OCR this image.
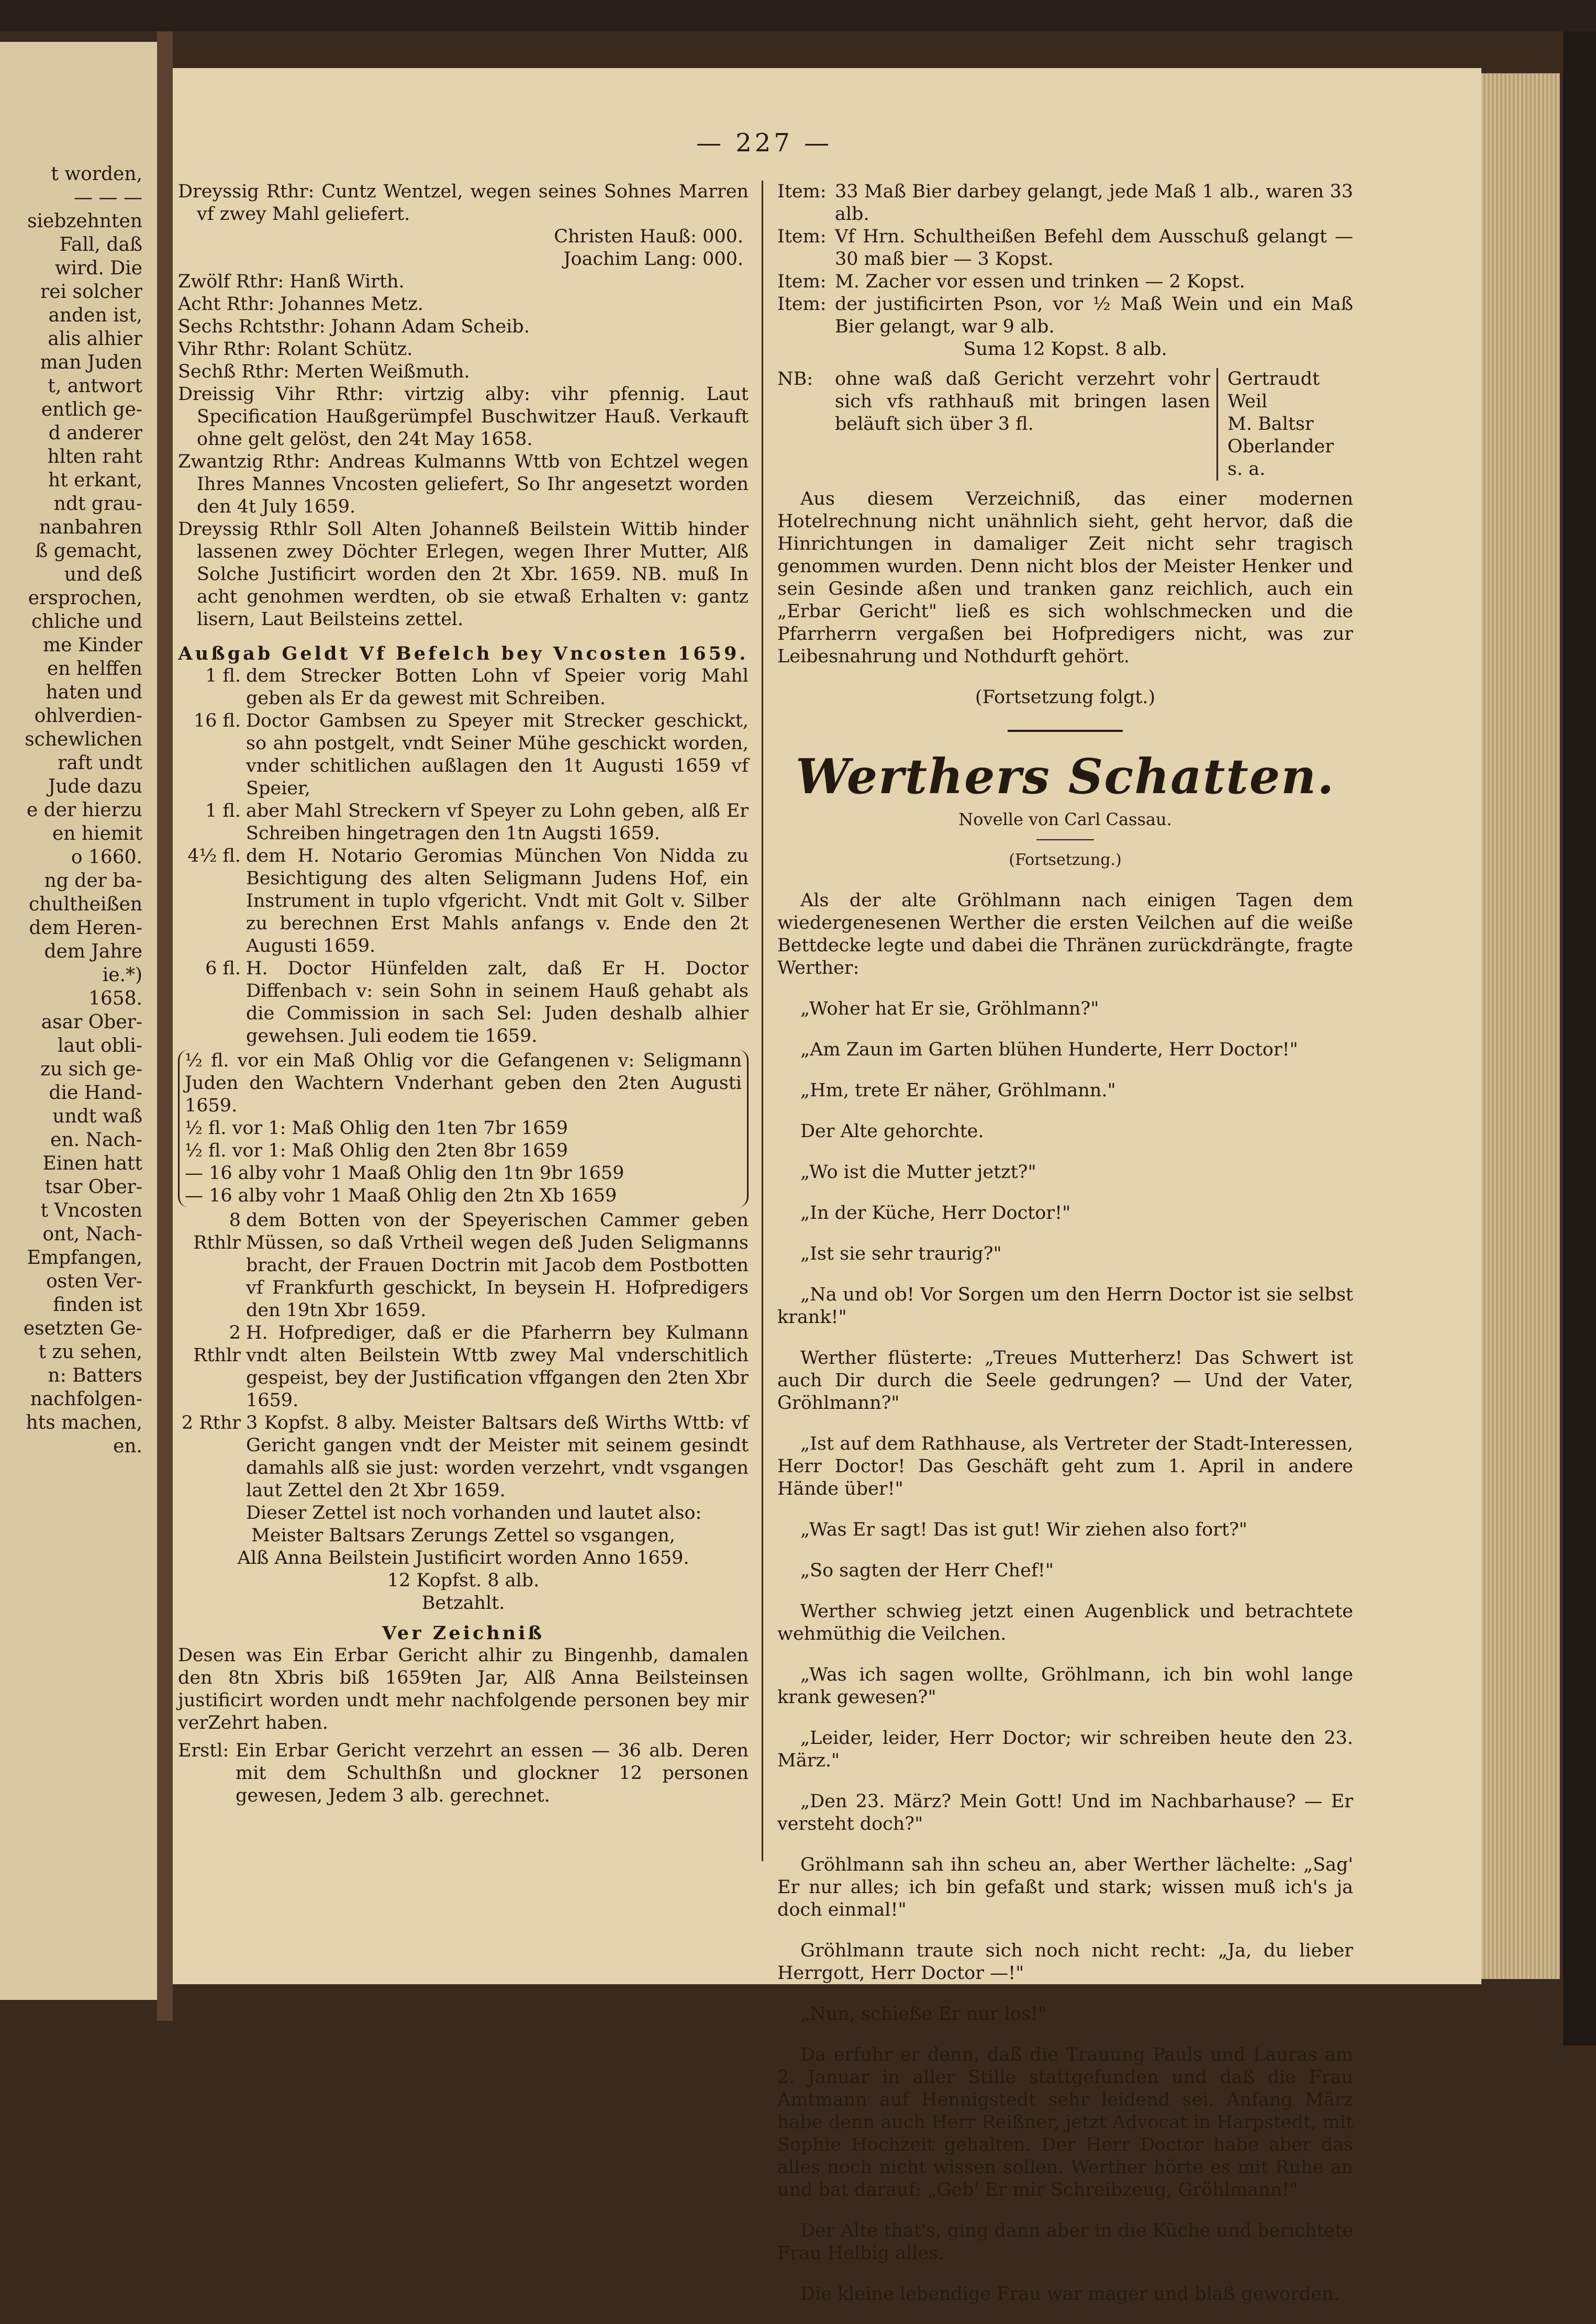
t worden,
— — —
siebzehnten
Fall, daß
wird. Die
rei solcher
anden ist,
alis alhier
man Juden
t, antwort
entlich ge-
d anderer
hlten raht
ht erkant,
ndt grau-
nanbahren
ß gemacht,
und deß
ersprochen,
chliche und
me Kinder
en helffen
haten und
ohlverdien-
schewlichen
raft undt
Jude dazu
e der hierzu
en hiemit
o 1660.
ng der ba-
chultheißen
dem Heren-
dem Jahre
ie.*)
1658.
asar Ober-
laut obli-
zu sich ge-
die Hand-
undt waß
en. Nach-
Einen hatt
tsar Ober-
t Vncosten
ont, Nach-
Empfangen,
osten Ver-
finden ist
esetzten Ge-
t zu sehen,
n: Batters
nachfolgen-
hts machen,
en.
— 227 —

Dreyssig Rthr: Cuntz Wentzel, wegen seines Sohnes Marren vf zwey Mahl geliefert.

Christen Hauß: 000.

Joachim Lang: 000.

Zwölf Rthr: Hanß Wirth.

Acht Rthr: Johannes Metz.

Sechs Rchtsthr: Johann Adam Scheib.

Vihr Rthr: Rolant Schütz.

Sechß Rthr: Merten Weißmuth.

Dreissig Vihr Rthr: virtzig alby: vihr pfennig. Laut Specification Haußgerümpfel Buschwitzer Hauß. Verkauft ohne gelt gelöst, den 24t May 1658.

Zwantzig Rthr: Andreas Kulmanns Wttb von Echtzel wegen Ihres Mannes Vncosten geliefert, So Ihr angesetzt worden den 4t July 1659.

Dreyssig Rthlr Soll Alten Johanneß Beilstein Wittib hinder lassenen zwey Döchter Erlegen, wegen Ihrer Mutter, Alß Solche Justificirt worden den 2t Xbr. 1659. NB. muß In acht genohmen werdten, ob sie etwaß Erhalten v: gantz lisern, Laut Beilsteins zettel.

Außgab Geldt Vf Befelch bey Vncosten 1659.

1 fl. dem Strecker Botten Lohn vf Speier vorig Mahl geben als Er da gewest mit Schreiben.
16 fl. Doctor Gambsen zu Speyer mit Strecker geschickt, so ahn postgelt, vndt Seiner Mühe geschickt worden, vnder schitlichen außlagen den 1t Augusti 1659 vf Speier,
1 fl. aber Mahl Streckern vf Speyer zu Lohn geben, alß Er Schreiben hingetragen den 1tn Augsti 1659.
4½ fl. dem H. Notario Geromias München Von Nidda zu Besichtigung des alten Seligmann Judens Hof, ein Instrument in tuplo vfgericht. Vndt mit Golt v. Silber zu berechnen Erst Mahls anfangs v. Ende den 2t Augusti 1659.
6 fl. H. Doctor Hünfelden zalt, daß Er H. Doctor Diffenbach v: sein Sohn in seinem Hauß gehabt als die Commission in sach Sel: Juden deshalb alhier gewehsen. Juli eodem tie 1659.

½ fl. vor ein Maß Ohlig vor die Gefangenen v: Seligmann Juden den Wachtern Vnderhant geben den 2ten Augusti 1659.

½ fl. vor 1: Maß Ohlig den 1ten 7br 1659

½ fl. vor 1: Maß Ohlig den 2ten 8br 1659

— 16 alby vohr 1 Maaß Ohlig den 1tn 9br 1659

— 16 alby vohr 1 Maaß Ohlig den 2tn Xb 1659

8 Rthlr
dem Botten von der Speyerischen Cammer geben Müssen, so daß Vrtheil wegen deß Juden Seligmanns bracht, der Frauen Doctrin mit Jacob dem Postbotten vf Frankfurth geschickt, In beysein H. Hofpredigers den 19tn Xbr 1659.
2 Rthlr
H. Hofprediger, daß er die Pfarherrn bey Kulmann vndt alten Beilstein Wttb zwey Mal vnderschitlich gespeist, bey der Justification vffgangen den 2ten Xbr 1659.
2 Rthr 3 Kopfst. 8 alby. Meister Baltsars deß Wirths Wttb: vf Gericht gangen vndt der Meister mit seinem gesindt damahls alß sie just: worden verzehrt, vndt vsgangen laut Zettel den 2t Xbr 1659.

Dieser Zettel ist noch vorhanden und lautet also:

Meister Baltsars Zerungs Zettel so vsgangen,

Alß Anna Beilstein Justificirt worden Anno 1659.

12 Kopfst. 8 alb.

Betzahlt.

Ver Zeichniß

Desen was Ein Erbar Gericht alhir zu Bingenhb, damalen den 8tn Xbris biß 1659ten Jar, Alß Anna Beilsteinsen justificirt worden undt mehr nachfolgende personen bey mir verZehrt haben.

Erstl: Ein Erbar Gericht verzehrt an essen — 36 alb. Deren mit dem Schulthßn und glockner 12 personen gewesen, Jedem 3 alb. gerechnet.
Item: 33 Maß Bier darbey gelangt, jede Maß 1 alb., waren 33 alb.
Item: Vf Hrn. Schultheißen Befehl dem Ausschuß gelangt — 30 maß bier — 3 Kopst.
Item: M. Zacher vor essen und trinken — 2 Kopst.
Item: der justificirten Pson, vor ½ Maß Wein und ein Maß Bier gelangt, war 9 alb.

Suma 12 Kopst. 8 alb.

NB:	ohne waß daß Gericht verzehrt vohr sich vfs rathhauß mit bringen lasen beläuft sich über 3 fl.
Gertraudt Weil
M. Baltsr Oberlander s. a.

Aus diesem Verzeichniß, das einer modernen Hotelrechnung nicht unähnlich sieht, geht hervor, daß die Hinrichtungen in damaliger Zeit nicht sehr tragisch genommen wurden. Denn nicht blos der Meister Henker und sein Gesinde aßen und tranken ganz reichlich, auch ein „Erbar Gericht" ließ es sich wohlschmecken und die Pfarrherrn vergaßen bei Hofpredigers nicht, was zur Leibesnahrung und Nothdurft gehört.

(Fortsetzung folgt.)

Werthers Schatten.
Novelle von Carl Cassau.

(Fortsetzung.)

Als der alte Gröhlmann nach einigen Tagen dem wiedergenesenen Werther die ersten Veilchen auf die weiße Bettdecke legte und dabei die Thränen zurückdrängte, fragte Werther:

„Woher hat Er sie, Gröhlmann?"

„Am Zaun im Garten blühen Hunderte, Herr Doctor!"

„Hm, trete Er näher, Gröhlmann."

Der Alte gehorchte.

„Wo ist die Mutter jetzt?"

„In der Küche, Herr Doctor!"

„Ist sie sehr traurig?"

„Na und ob! Vor Sorgen um den Herrn Doctor ist sie selbst krank!"

Werther flüsterte: „Treues Mutterherz! Das Schwert ist auch Dir durch die Seele gedrungen? — Und der Vater, Gröhlmann?"

„Ist auf dem Rathhause, als Vertreter der Stadt-Interessen, Herr Doctor! Das Geschäft geht zum 1. April in andere Hände über!"

„Was Er sagt! Das ist gut! Wir ziehen also fort?"

„So sagten der Herr Chef!"

Werther schwieg jetzt einen Augenblick und betrachtete wehmüthig die Veilchen.

„Was ich sagen wollte, Gröhlmann, ich bin wohl lange krank gewesen?"

„Leider, leider, Herr Doctor; wir schreiben heute den 23. März."

„Den 23. März? Mein Gott! Und im Nachbarhause? — Er versteht doch?"

Gröhlmann sah ihn scheu an, aber Werther lächelte: „Sag' Er nur alles; ich bin gefaßt und stark; wissen muß ich's ja doch einmal!"

Gröhlmann traute sich noch nicht recht: „Ja, du lieber Herrgott, Herr Doctor —!"

„Nun, schieße Er nur los!"

Da erfuhr er denn, daß die Trauung Pauls und Lauras am 2. Januar in aller Stille stattgefunden und daß die Frau Amtmann auf Hennigstedt sehr leidend sei. Anfang März habe denn auch Herr Reißner, jetzt Advocat in Harpstedt, mit Sophie Hochzeit gehalten. Der Herr Doctor habe aber das alles noch nicht wissen sollen. Werther hörte es mit Ruhe an und bat darauf: „Geb' Er mir Schreibzeug, Gröhlmann!"

Der Alte that's, ging dann aber in die Küche und berichtete Frau Helbig alles.

Die kleine lebendige Frau war mager und blaß geworden.
